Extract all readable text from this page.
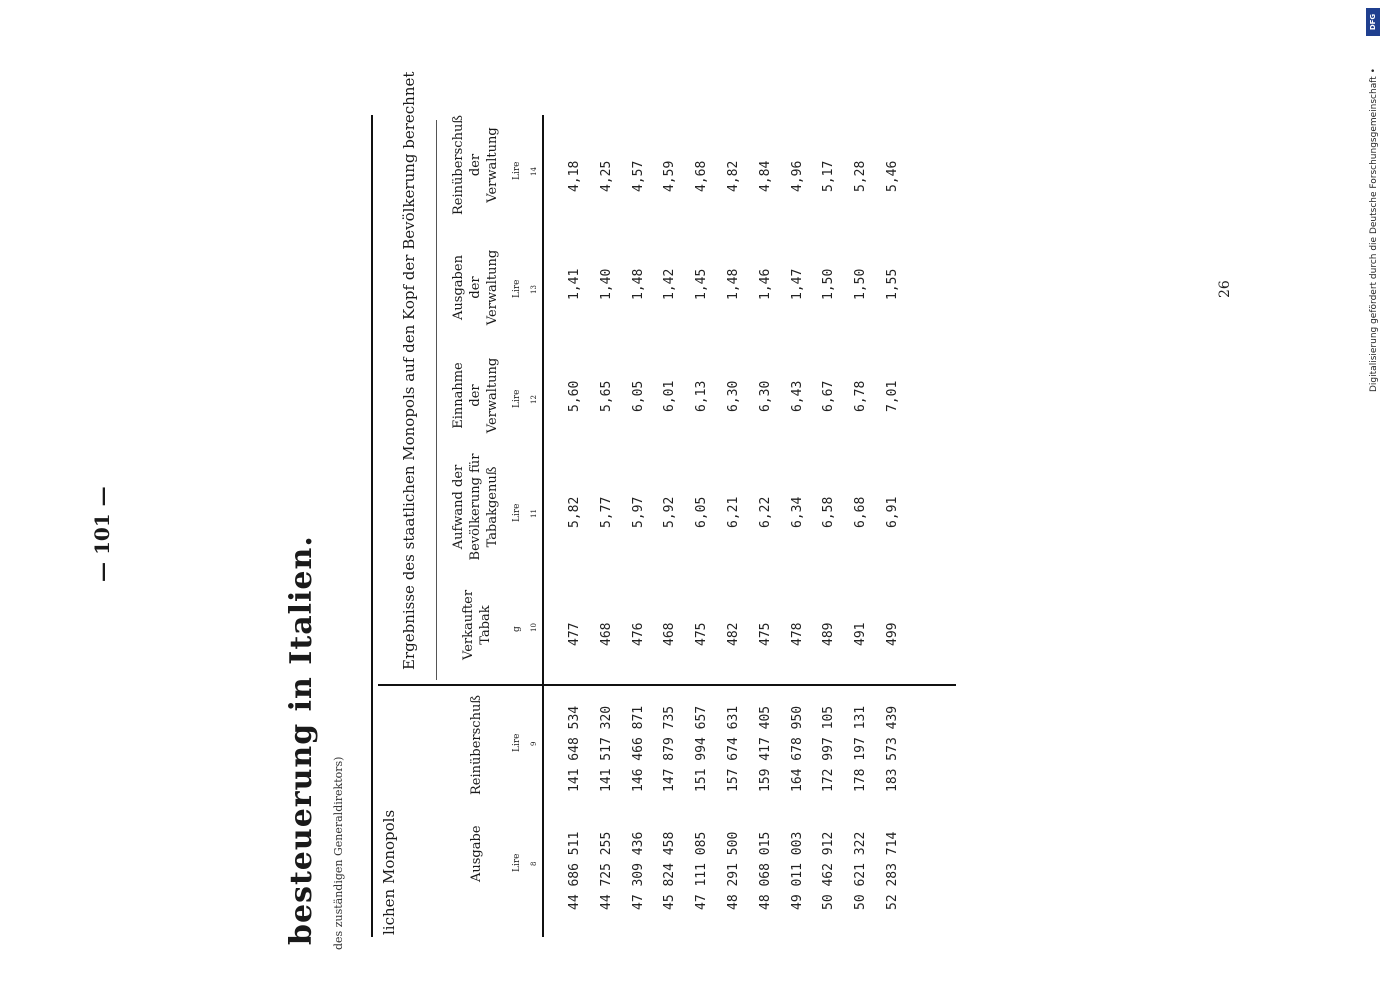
— 101 —
besteuerung in Italien. des zuständigen Generaldirektors)
26
DFG
Digitalisierung gefördert durch die Deutsche Forschungsgemeinschaft •
lichen Monopols
Ergebnisse des staatlichen Monopols auf den Kopf der Bevölkerung berechnet
Ausgabe	Lire 8
Reinüberschuß	Lire 9
Verkaufter Tabak g 10
Aufwand der Bevölkerung für Tabakgenuß Lire 11
Einnahme der Verwaltung Lire 12
Ausgaben der Verwaltung Lire 13
Reinüberschuß der Verwaltung Lire 14
44 686 511
141 648 534
477
5,82
5,60
1,41
4,18
44 725 255
141 517 320
468
5,77
5,65
1,40
4,25
47 309 436
146 466 871
476
5,97
6,05
1,48
4,57
45 824 458
147 879 735
468
5,92
6,01
1,42
4,59
47 111 085
151 994 657
475
6,05
6,13
1,45
4,68
48 291 500
157 674 631
482
6,21
6,30
1,48
4,82
48 068 015
159 417 405
475
6,22
6,30
1,46
4,84
49 011 003
164 678 950
478
6,34
6,43
1,47
4,96
50 462 912
172 997 105
489
6,58
6,67
1,50
5,17
50 621 322
178 197 131
491
6,68
6,78
1,50
5,28
52 283 714
183 573 439
499
6,91
7,01
1,55
5,46
